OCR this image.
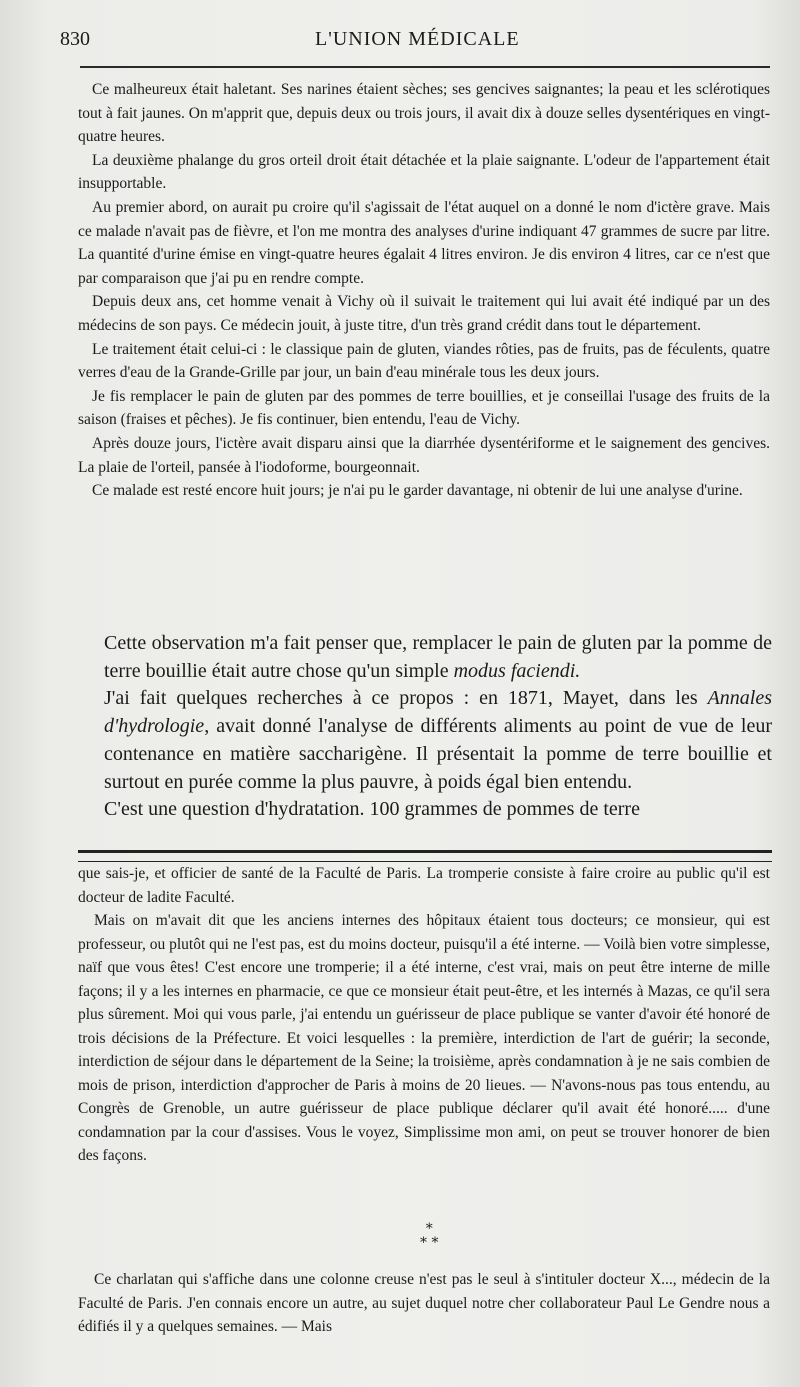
830	L'UNION MÉDICALE

Ce malheureux était haletant. Ses narines étaient sèches; ses gencives saignantes; la peau et les sclérotiques tout à fait jaunes. On m'apprit que, depuis deux ou trois jours, il avait dix à douze selles dysentériques en vingt-quatre heures.

La deuxième phalange du gros orteil droit était détachée et la plaie saignante. L'odeur de l'appartement était insupportable.

Au premier abord, on aurait pu croire qu'il s'agissait de l'état auquel on a donné le nom d'ictère grave. Mais ce malade n'avait pas de fièvre, et l'on me montra des analyses d'urine indiquant 47 grammes de sucre par litre. La quantité d'urine émise en vingt-quatre heures égalait 4 litres environ. Je dis environ 4 litres, car ce n'est que par comparaison que j'ai pu en rendre compte.

Depuis deux ans, cet homme venait à Vichy où il suivait le traitement qui lui avait été indiqué par un des médecins de son pays. Ce médecin jouit, à juste titre, d'un très grand crédit dans tout le département.

Le traitement était celui-ci : le classique pain de gluten, viandes rôties, pas de fruits, pas de féculents, quatre verres d'eau de la Grande-Grille par jour, un bain d'eau minérale tous les deux jours.

Je fis remplacer le pain de gluten par des pommes de terre bouillies, et je conseillai l'usage des fruits de la saison (fraises et pêches). Je fis continuer, bien entendu, l'eau de Vichy.

Après douze jours, l'ictère avait disparu ainsi que la diarrhée dysentériforme et le saignement des gencives. La plaie de l'orteil, pansée à l'iodoforme, bourgeonnait.

Ce malade est resté encore huit jours; je n'ai pu le garder davantage, ni obtenir de lui une analyse d'urine.

Cette observation m'a fait penser que, remplacer le pain de gluten par la pomme de terre bouillie était autre chose qu'un simple modus faciendi.

J'ai fait quelques recherches à ce propos : en 1871, Mayet, dans les Annales d'hydrologie, avait donné l'analyse de différents aliments au point de vue de leur contenance en matière saccharigène. Il présentait la pomme de terre bouillie et surtout en purée comme la plus pauvre, à poids égal bien entendu.

C'est une question d'hydratation. 100 grammes de pommes de terre

que sais-je, et officier de santé de la Faculté de Paris. La tromperie consiste à faire croire au public qu'il est docteur de ladite Faculté.

Mais on m'avait dit que les anciens internes des hôpitaux étaient tous docteurs; ce monsieur, qui est professeur, ou plutôt qui ne l'est pas, est du moins docteur, puisqu'il a été interne. — Voilà bien votre simplesse, naïf que vous êtes! C'est encore une tromperie; il a été interne, c'est vrai, mais on peut être interne de mille façons; il y a les internes en pharmacie, ce que ce monsieur était peut-être, et les internés à Mazas, ce qu'il sera plus sûrement. Moi qui vous parle, j'ai entendu un guérisseur de place publique se vanter d'avoir été honoré de trois décisions de la Préfecture. Et voici lesquelles : la première, interdiction de l'art de guérir; la seconde, interdiction de séjour dans le département de la Seine; la troisième, après condamnation à je ne sais combien de mois de prison, interdiction d'approcher de Paris à moins de 20 lieues. — N'avons-nous pas tous entendu, au Congrès de Grenoble, un autre guérisseur de place publique déclarer qu'il avait été honoré..... d'une condamnation par la cour d'assises. Vous le voyez, Simplissime mon ami, on peut se trouver honorer de bien des façons.

*
* *

Ce charlatan qui s'affiche dans une colonne creuse n'est pas le seul à s'intituler docteur X..., médecin de la Faculté de Paris. J'en connais encore un autre, au sujet duquel notre cher collaborateur Paul Le Gendre nous a édifiés il y a quelques semaines. — Mais
